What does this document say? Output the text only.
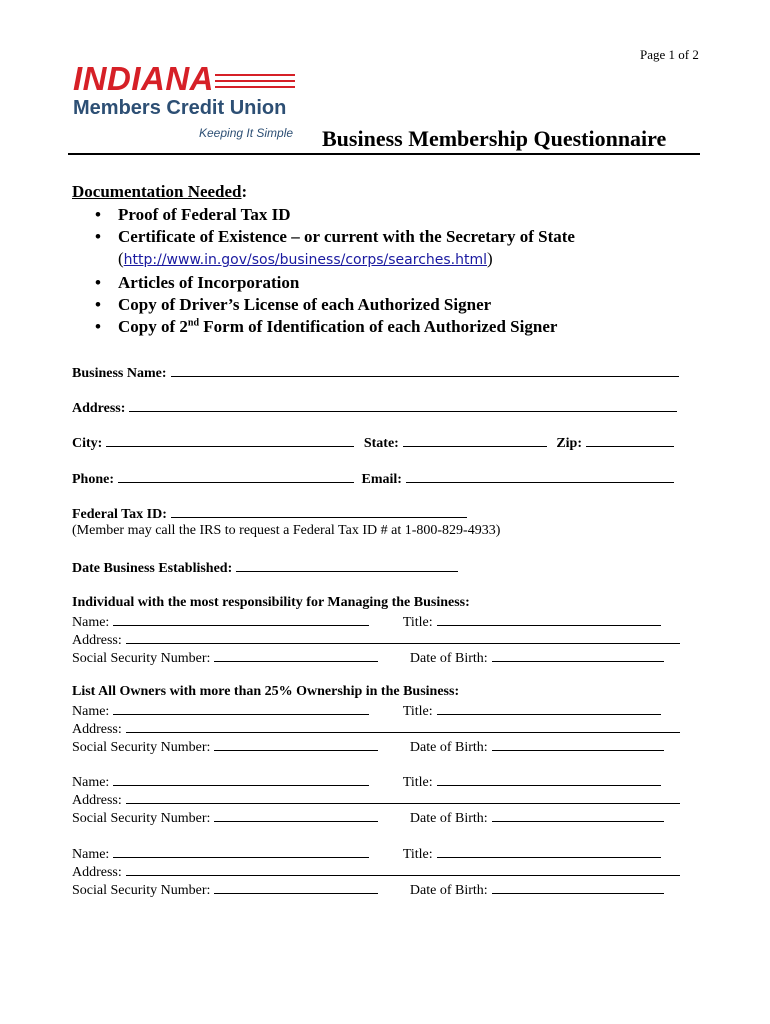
Page 1 of 2
INDIANA
Members Credit Union
Keeping It Simple Business Membership Questionnaire
Documentation Needed:
• Proof of Federal Tax ID
• Certificate of Existence – or current with the Secretary of State
(http://www.in.gov/sos/business/corps/searches.html)
• Articles of Incorporation
• Copy of Driver’s License of each Authorized Signer
• Copy of 2nd Form of Identification of each Authorized Signer
Business Name:
Address:
City:	State:	Zip:
Phone:	Email:
Federal Tax ID:
(Member may call the IRS to request a Federal Tax ID # at 1-800-829-4933)
Date Business Established:
Individual with the most responsibility for Managing the Business:
Name:	Title:
Address:
Social Security Number:	Date of Birth:
List All Owners with more than 25% Ownership in the Business:
Name:	Title:
Address:
Social Security Number:	Date of Birth:
Name:	Title:
Address:
Social Security Number:	Date of Birth:
Name:	Title:
Address:
Social Security Number:	Date of Birth:
